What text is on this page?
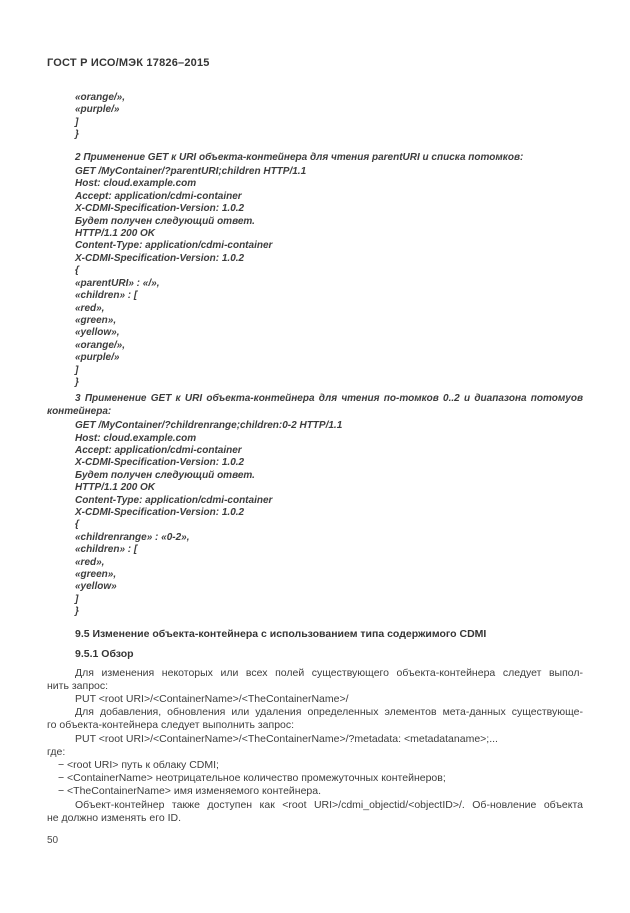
ГОСТ Р ИСО/МЭК 17826–2015
«orange/»,
«purple/»
]
}
2 Применение GET к URI объекта-контейнера для чтения parentURI и списка потомков:
GET /MyContainer/?parentURI;children HTTP/1.1
Host: cloud.example.com
Accept: application/cdmi-container
X-CDMI-Specification-Version: 1.0.2
Будет получен следующий ответ.
HTTP/1.1 200 OK
Content-Type: application/cdmi-container
X-CDMI-Specification-Version: 1.0.2
{
«parentURI» : «/»,
«children» : [
«red»,
«green»,
«yellow»,
«orange/»,
«purple/»
]
}
3 Применение GET к URI объекта-контейнера для чтения по-томков 0..2 и диапазона потомуов
контейнера:
GET /MyContainer/?childrenrange;children:0-2 HTTP/1.1
Host: cloud.example.com
Accept: application/cdmi-container
X-CDMI-Specification-Version: 1.0.2
Будет получен следующий ответ.
HTTP/1.1 200 OK
Content-Type: application/cdmi-container
X-CDMI-Specification-Version: 1.0.2
{
«childrenrange» : «0-2»,
«children» : [
«red»,
«green»,
«yellow»
]
}
9.5 Изменение объекта-контейнера с использованием типа содержимого CDMI
9.5.1 Обзор
Для изменения некоторых или всех полей существующего объекта-контейнера следует выпол-
нить запрос:
PUT <root URI>/<ContainerName>/<TheContainerName>/
Для добавления, обновления или удаления определенных элементов мета-данных существующе-
го объекта-контейнера следует выполнить запрос:
PUT <root URI>/<ContainerName>/<TheContainerName>/?metadata: <metadataname>;...
где:
− <root URI> путь к облаку CDMI;
− <ContainerName> неотрицательное количество промежуточных контейнеров;
− <TheContainerName> имя изменяемого контейнера.
Объект-контейнер также доступен как <root URI>/cdmi_objectid/<objectID>/. Об-новление объекта
не должно изменять его ID.
50
